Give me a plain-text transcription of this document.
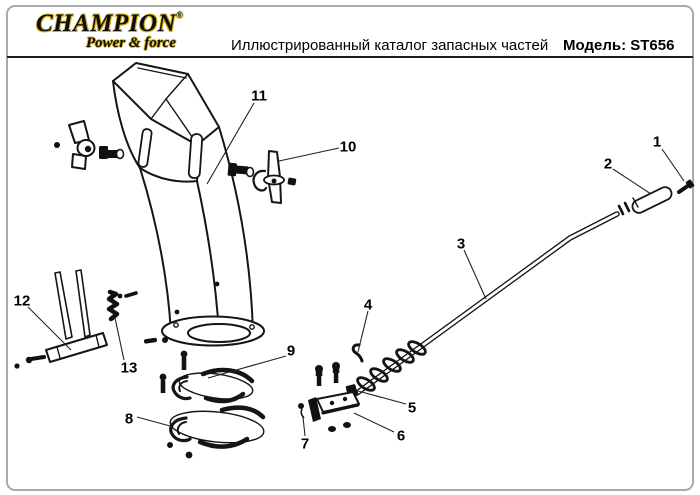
CHAMPION®
Power & force	Иллюстрированный каталог запасных частей Модель: ST656
1
2
3
4
5
6
7
8
9
10
11
12
13
